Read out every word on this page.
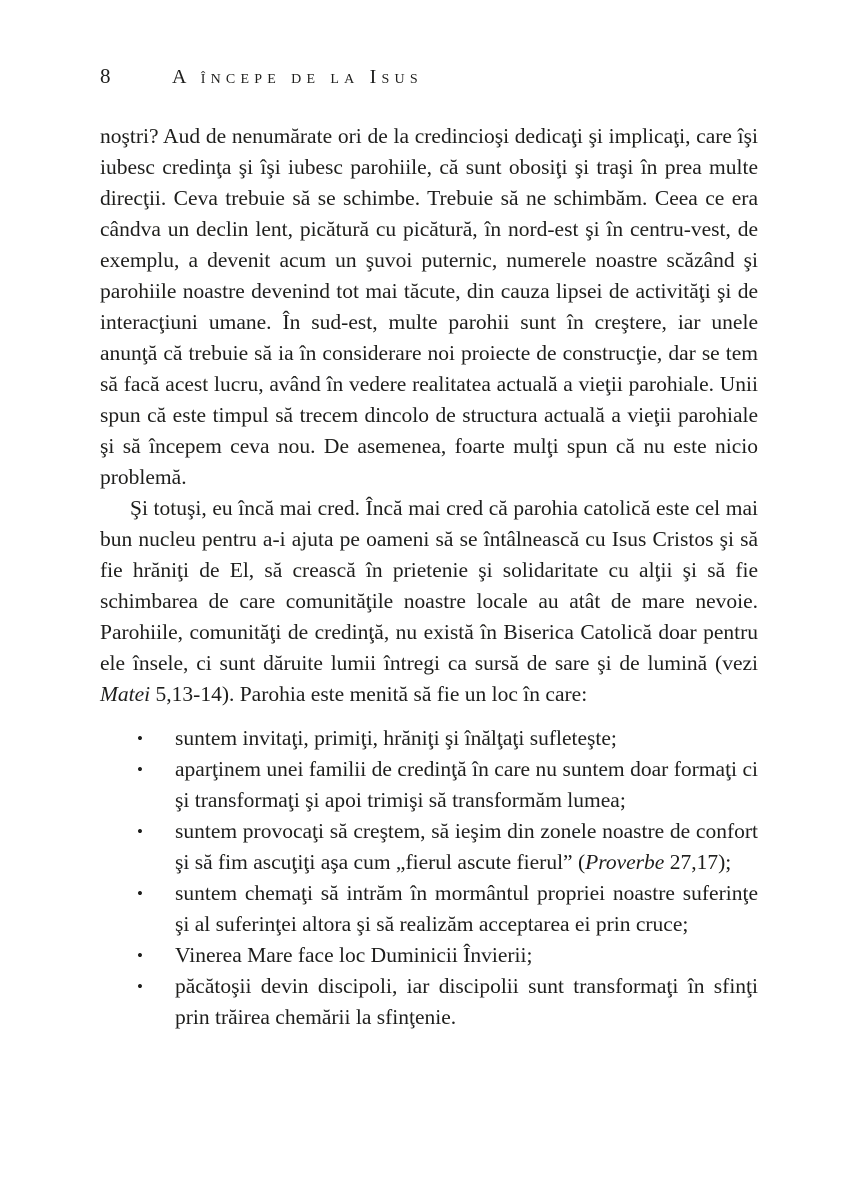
8	A începe de la Isus

noştri? Aud de nenumărate ori de la credincioşi dedicaţi şi implicaţi, care îşi iubesc credinţa şi îşi iubesc parohiile, că sunt obosiţi şi traşi în prea multe direcţii. Ceva trebuie să se schimbe. Trebuie să ne schimbăm. Ceea ce era cândva un declin lent, picătură cu picătură, în nord-est şi în centru-vest, de exemplu, a devenit acum un şuvoi puternic, numerele noastre scăzând şi parohiile noastre devenind tot mai tăcute, din cauza lipsei de activităţi şi de interacţiuni umane. În sud-est, multe parohii sunt în creştere, iar unele anunţă că trebuie să ia în considerare noi proiecte de construcţie, dar se tem să facă acest lucru, având în vedere realitatea actuală a vieţii parohiale. Unii spun că este timpul să trecem dincolo de structura actuală a vieţii parohiale şi să începem ceva nou. De asemenea, foarte mulţi spun că nu este nicio problemă.

Şi totuşi, eu încă mai cred. Încă mai cred că parohia catolică este cel mai bun nucleu pentru a-i ajuta pe oameni să se întâlnească cu Isus Cristos şi să fie hrăniţi de El, să crească în prietenie şi solidaritate cu alţii şi să fie schimbarea de care comunităţile noastre locale au atât de mare nevoie. Parohiile, comunităţi de credinţă, nu există în Biserica Catolică doar pentru ele însele, ci sunt dăruite lumii întregi ca sursă de sare şi de lumină (vezi Matei 5,13-14). Parohia este menită să fie un loc în care:

• suntem invitaţi, primiţi, hrăniţi şi înălţaţi sufleteşte;
• aparţinem unei familii de credinţă în care nu suntem doar formaţi ci şi transformaţi şi apoi trimişi să transformăm lumea;
• suntem provocaţi să creştem, să ieşim din zonele noastre de confort şi să fim ascuţiţi aşa cum „fierul ascute fierul” (Proverbe 27,17);
• suntem chemaţi să intrăm în mormântul propriei noastre suferinţe şi al suferinţei altora şi să realizăm acceptarea ei prin cruce;
• Vinerea Mare face loc Duminicii Învierii;
• păcătoşii devin discipoli, iar discipolii sunt transformaţi în sfinţi prin trăirea chemării la sfinţenie.
